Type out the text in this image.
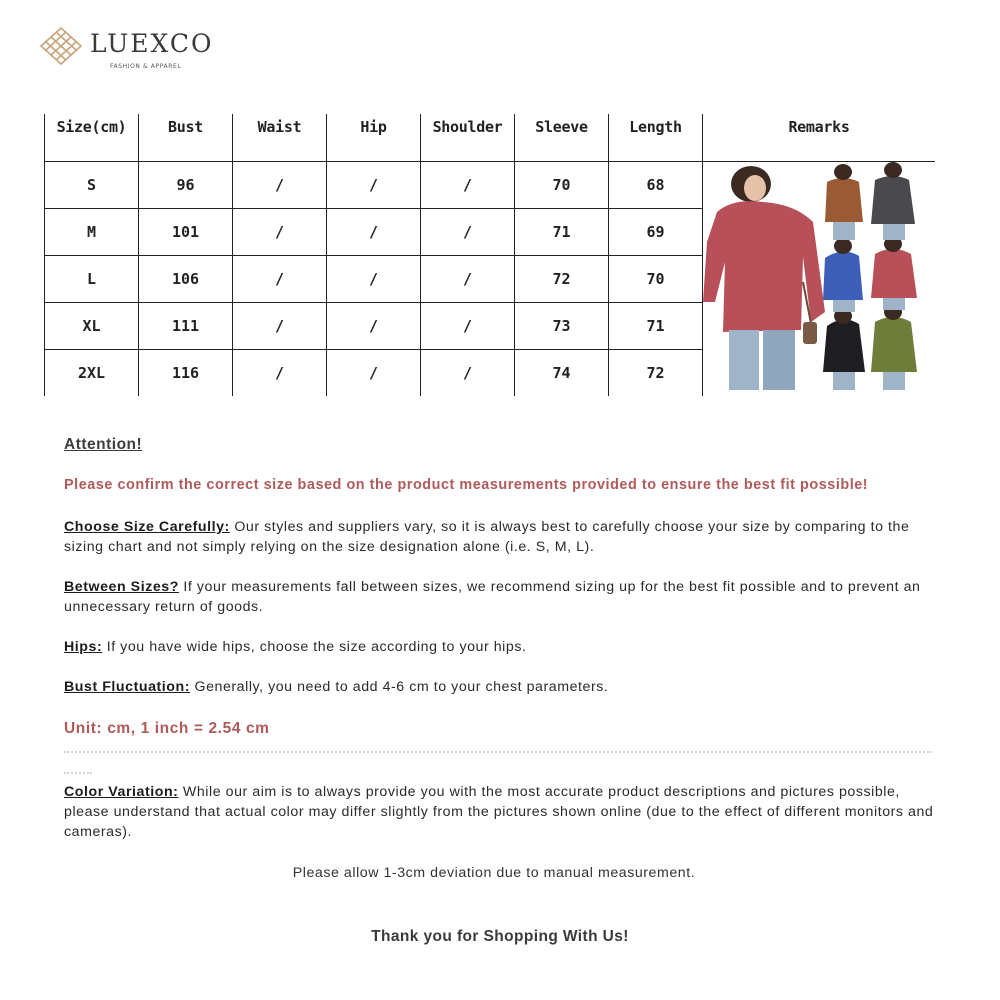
LUEXCO
FASHION & APPAREL
Size(cm)	Bust	Waist	Hip	Shoulder	Sleeve	Length	Remarks
S	96	/	/	/	70	68	

M	101	/	/	/	71	69	
L	106	/	/	/	72	70	
XL	111	/	/	/	73	71	
2XL	116	/	/	/	74	72	
Attention!
Please confirm the correct size based on the product measurements provided to ensure the best fit possible!
Choose Size Carefully: Our styles and suppliers vary, so it is always best to carefully choose your size by comparing to the sizing chart and not simply relying on the size designation alone (i.e. S, M, L).
Between Sizes? If your measurements fall between sizes, we recommend sizing up for the best fit possible and to prevent an unnecessary return of goods.
Hips: If you have wide hips, choose the size according to your hips.
Bust Fluctuation: Generally, you need to add 4-6 cm to your chest parameters.
Unit: cm, 1 inch = 2.54 cm
Color Variation: While our aim is to always provide you with the most accurate product descriptions and pictures possible, please understand that actual color may differ slightly from the pictures shown online (due to the effect of different monitors and cameras).
Please allow 1-3cm deviation due to manual measurement.
Thank you for Shopping With Us!
